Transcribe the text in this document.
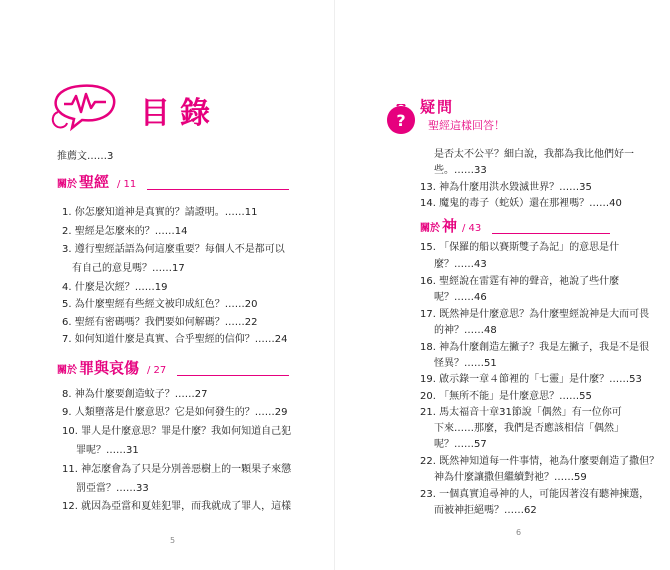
目錄
推薦文……3
關於 聖經 / 11
1. 你怎麼知道神是真實的？請證明。……11
2. 聖經是怎麼來的？……14
3. 遵行聖經話語為何這麼重要？每個人不是都可以
有自己的意見嗎？……17
4. 什麼是次經？……19
5. 為什麼聖經有些經文被印成紅色？……20
6. 聖經有密碼嗎？我們要如何解碼？……22
7. 如何知道什麼是真實、合乎聖經的信仰？……24
關於 罪與哀傷 / 27
8. 神為什麼要創造蚊子？……27
9. 人類墮落是什麼意思？它是如何發生的？……29
10. 罪人是什麼意思？罪是什麼？我如何知道自己犯
罪呢？……31
11. 神怎麼會為了只是分別善惡樹上的一顆果子來懲
罰亞當？……33
12. 就因為亞當和夏娃犯罪，而我就成了罪人，這樣
5
?
疑問
聖經這樣回答！
是否太不公平？細白說，我都為我比他們好一
些。……33
13. 神為什麼用洪水毀滅世界？……35
14. 魔鬼的毒子（蛇妖）還在那裡嗎？……40
關於 神 / 43
15. 「保羅的船以賽斯雙子為記」的意思是什
麼？……43
16. 聖經說在雷霆有神的聲音，祂說了些什麼
呢？……46
17. 既然神是什麼意思？為什麼聖經說神是大而可畏
的神？……48
18. 神為什麼創造左撇子？我是左撇子，我是不是很
怪異？……51
19. 啟示錄一章４節裡的「七靈」是什麼？……53
20. 「無所不能」是什麼意思？……55
21. 馬太福音十章31節說「偶然」有一位你可
下來……那麼，我們是否應該相信「偶然」
呢？……57
22. 既然神知道每一件事情，祂為什麼要創造了撒但？
神為什麼讓撒但繼續對祂？……59
23. 一個真實追尋神的人，可能因著沒有聽神揀選，
而被神拒絕嗎？……62
6
